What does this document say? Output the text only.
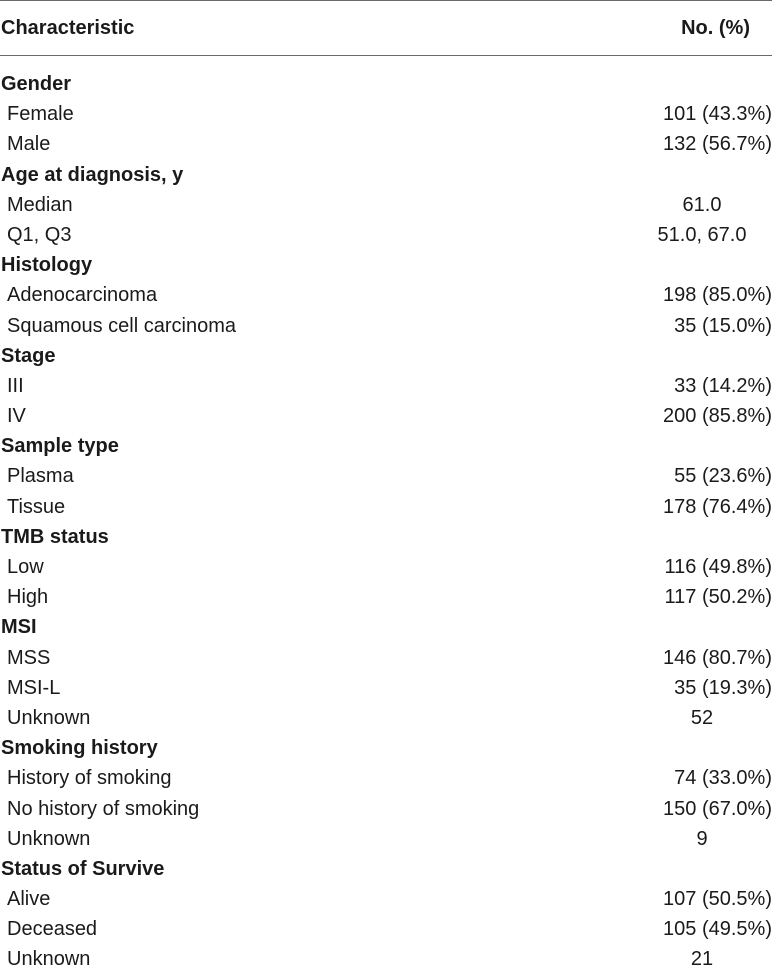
Characteristic	No. (%)
Gender
Female	101 (43.3%)
Male	132 (56.7%)
Age at diagnosis, y
Median	61.0
Q1, Q3	51.0, 67.0
Histology
Adenocarcinoma	198 (85.0%)
Squamous cell carcinoma	35 (15.0%)
Stage
III	33 (14.2%)
IV	200 (85.8%)
Sample type
Plasma	55 (23.6%)
Tissue	178 (76.4%)
TMB status
Low	116 (49.8%)
High	117 (50.2%)
MSI
MSS	146 (80.7%)
MSI-L	35 (19.3%)
Unknown	52
Smoking history
History of smoking	74 (33.0%)
No history of smoking	150 (67.0%)
Unknown	9
Status of Survive
Alive	107 (50.5%)
Deceased	105 (49.5%)
Unknown	21
